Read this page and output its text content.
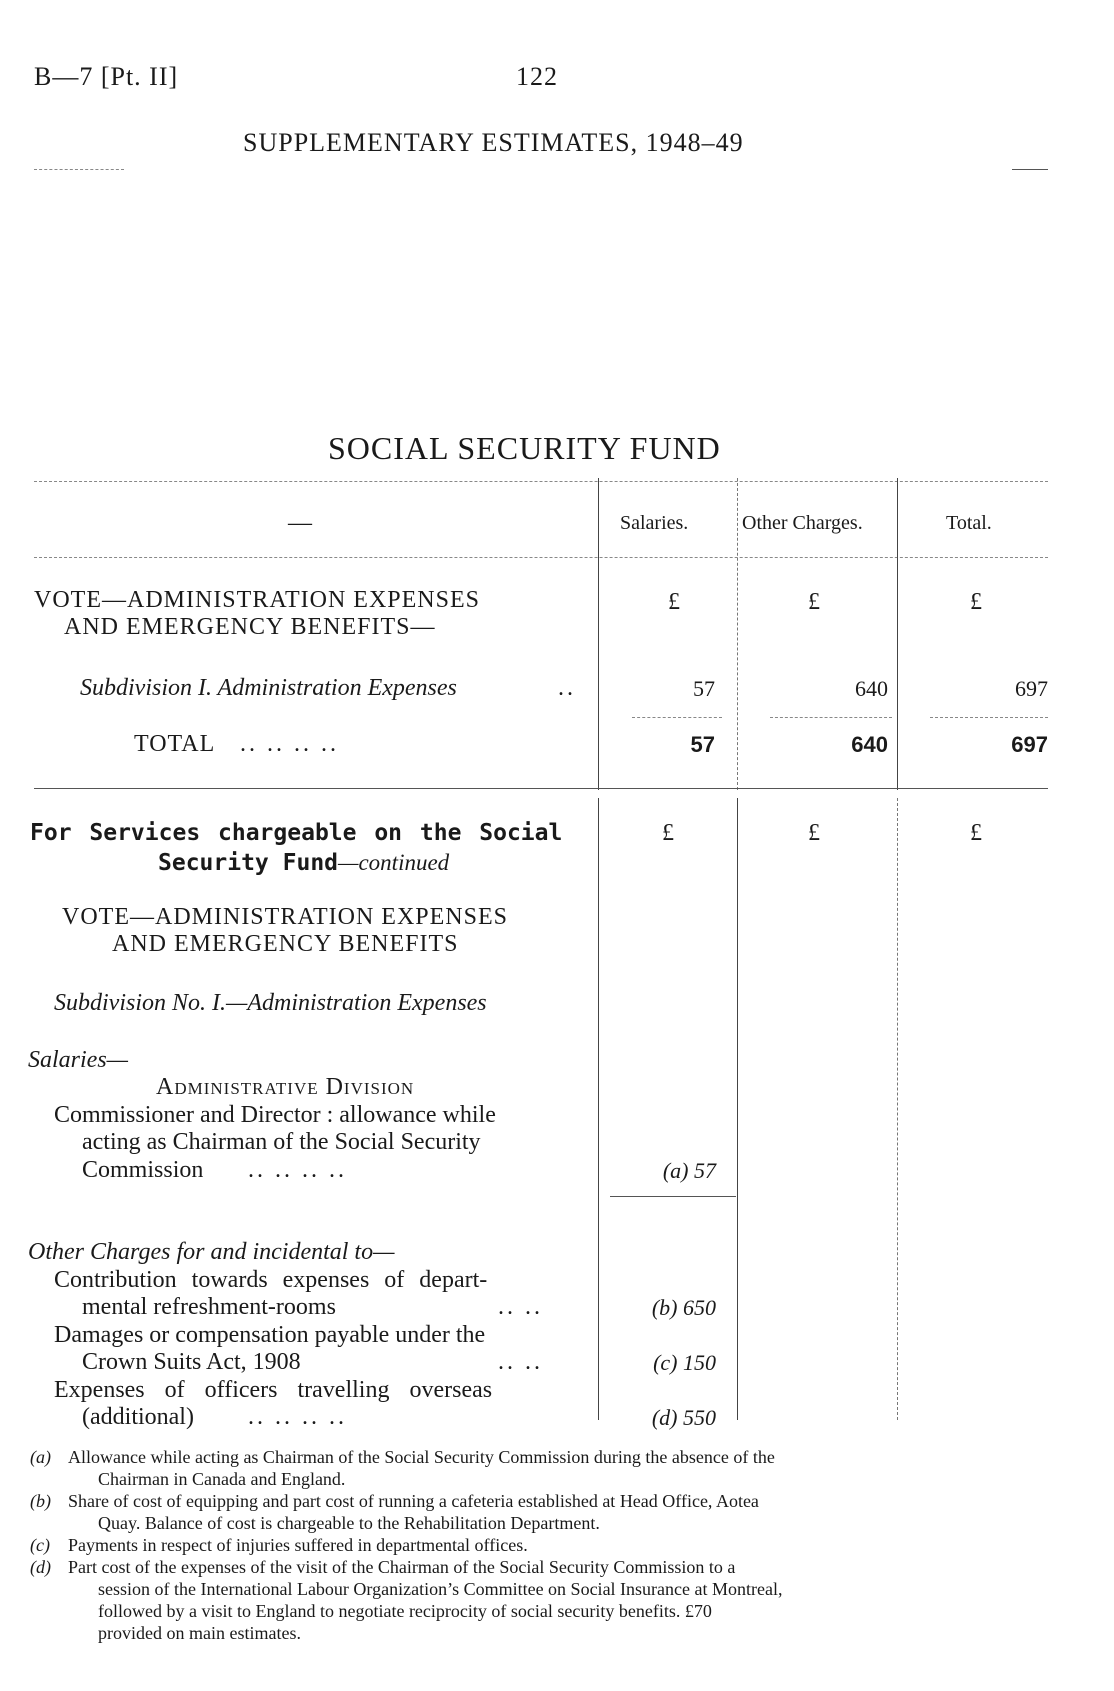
B—7 [Pt. II]	122
SUPPLEMENTARY ESTIMATES, 1948–49
SOCIAL SECURITY FUND
—	Salaries.	Other Charges.	Total.
VOTE—ADMINISTRATION EXPENSES
AND EMERGENCY BENEFITS—
£	£	£
Subdivision I. Administration Expenses	..	57	640	697
TOTAL .. .. .. ..	57	640	697
For Services chargeable on the Social
Security Fund—continued
£	£	£
VOTE—ADMINISTRATION EXPENSES
AND EMERGENCY BENEFITS
Subdivision No. I.—Administration Expenses
Salaries—
Administrative Division
Commissioner and Director : allowance while
acting as Chairman of the Social Security
Commission .. .. .. ..	(a) 57
Other Charges for and incidental to—
Contribution towards expenses of depart-
mental refreshment-rooms	.. ..	(b) 650
Damages or compensation payable under the
Crown Suits Act, 1908	.. ..	(c) 150
Expenses of officers travelling overseas
(additional) .. .. .. ..	(d) 550
(a) Allowance while acting as Chairman of the Social Security Commission during the absence of the
Chairman in Canada and England.
(b) Share of cost of equipping and part cost of running a cafeteria established at Head Office, Aotea
Quay. Balance of cost is chargeable to the Rehabilitation Department.
(c) Payments in respect of injuries suffered in departmental offices.
(d) Part cost of the expenses of the visit of the Chairman of the Social Security Commission to a
session of the International Labour Organization’s Committee on Social Insurance at Montreal,
followed by a visit to England to negotiate reciprocity of social security benefits. £70
provided on main estimates.
